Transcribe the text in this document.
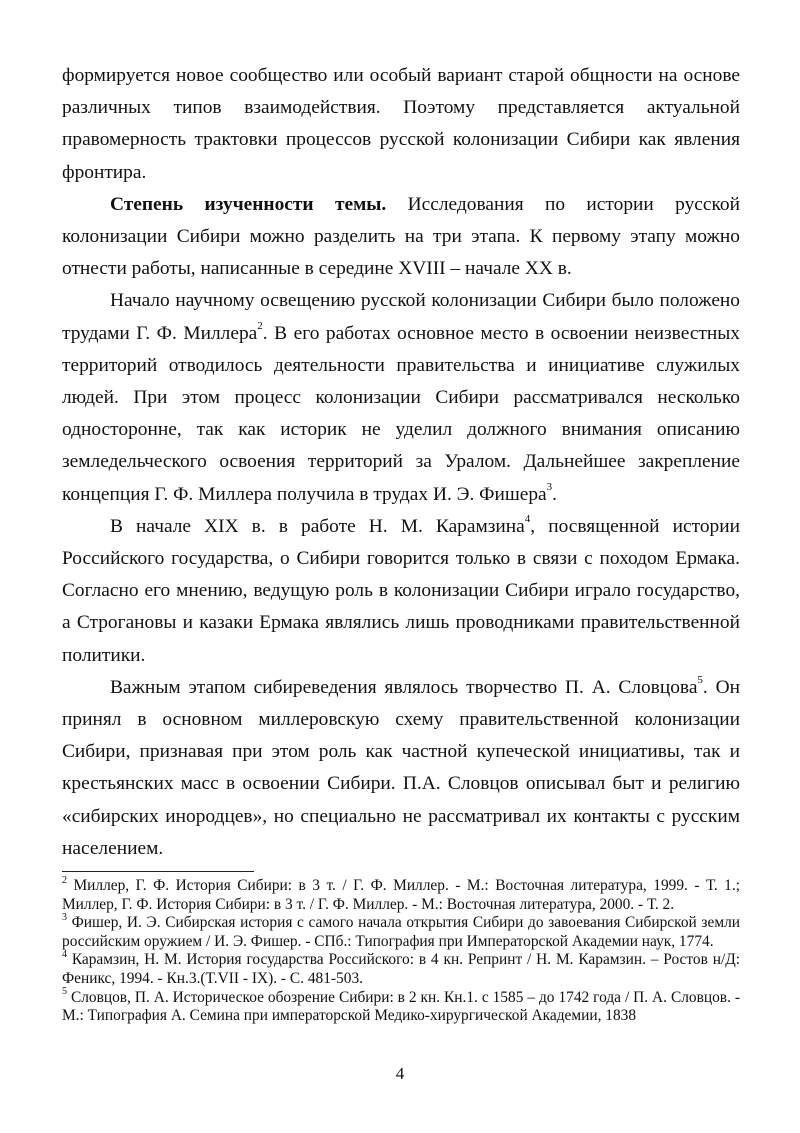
формируется новое сообщество или особый вариант старой общности на основе различных типов взаимодействия. Поэтому представляется актуальной правомерность трактовки процессов русской колонизации Сибири как явления фронтира.

Степень изученности темы. Исследования по истории русской колонизации Сибири можно разделить на три этапа. К первому этапу можно отнести работы, написанные в середине XVIII – начале XX в.

Начало научному освещению русской колонизации Сибири было положено трудами Г. Ф. Миллера$^2$. В его работах основное место в освоении неизвестных территорий отводилось деятельности правительства и инициативе служилых людей. При этом процесс колонизации Сибири рассматривался несколько односторонне, так как историк не уделил должного внимания описанию земледельческого освоения территорий за Уралом. Дальнейшее закрепление концепция Г. Ф. Миллера получила в трудах И. Э. Фишера$^3$.

В начале XIX в. в работе Н. М. Карамзина$^4$, посвященной истории Российского государства, о Сибири говорится только в связи с походом Ермака. Согласно его мнению, ведущую роль в колонизации Сибири играло государство, а Строгановы и казаки Ермака являлись лишь проводниками правительственной политики.

Важным этапом сибиреведения являлось творчество П. А. Словцова$^5$. Он принял в основном миллеровскую схему правительственной колонизации Сибири, признавая при этом роль как частной купеческой инициативы, так и крестьянских масс в освоении Сибири. П.А. Словцов описывал быт и религию «сибирских инородцев», но специально не рассматривал их контакты с русским населением.

$^2$ Миллер, Г. Ф. История Сибири: в 3 т. / Г. Ф. Миллер. - М.: Восточная литература, 1999. - Т. 1.; Миллер, Г. Ф. История Сибири: в 3 т. / Г. Ф. Миллер. - М.: Восточная литература, 2000. - Т. 2.

$^3$ Фишер, И. Э. Сибирская история с самого начала открытия Сибири до завоевания Сибирской земли российским оружием / И. Э. Фишер. - СПб.: Типография при Императорской Академии наук, 1774.

$^4$ Карамзин, Н. М. История государства Российского: в 4 кн. Репринт / Н. М. Карамзин. – Ростов н/Д: Феникс, 1994. - Кн.3.(T.VII - IX). - С. 481-503.

$^5$ Словцов, П. А. Историческое обозрение Сибири: в 2 кн. Кн.1. с 1585 – до 1742 года / П. А. Словцов. - М.: Типография А. Семина при императорской Медико-хирургической Академии, 1838

4
